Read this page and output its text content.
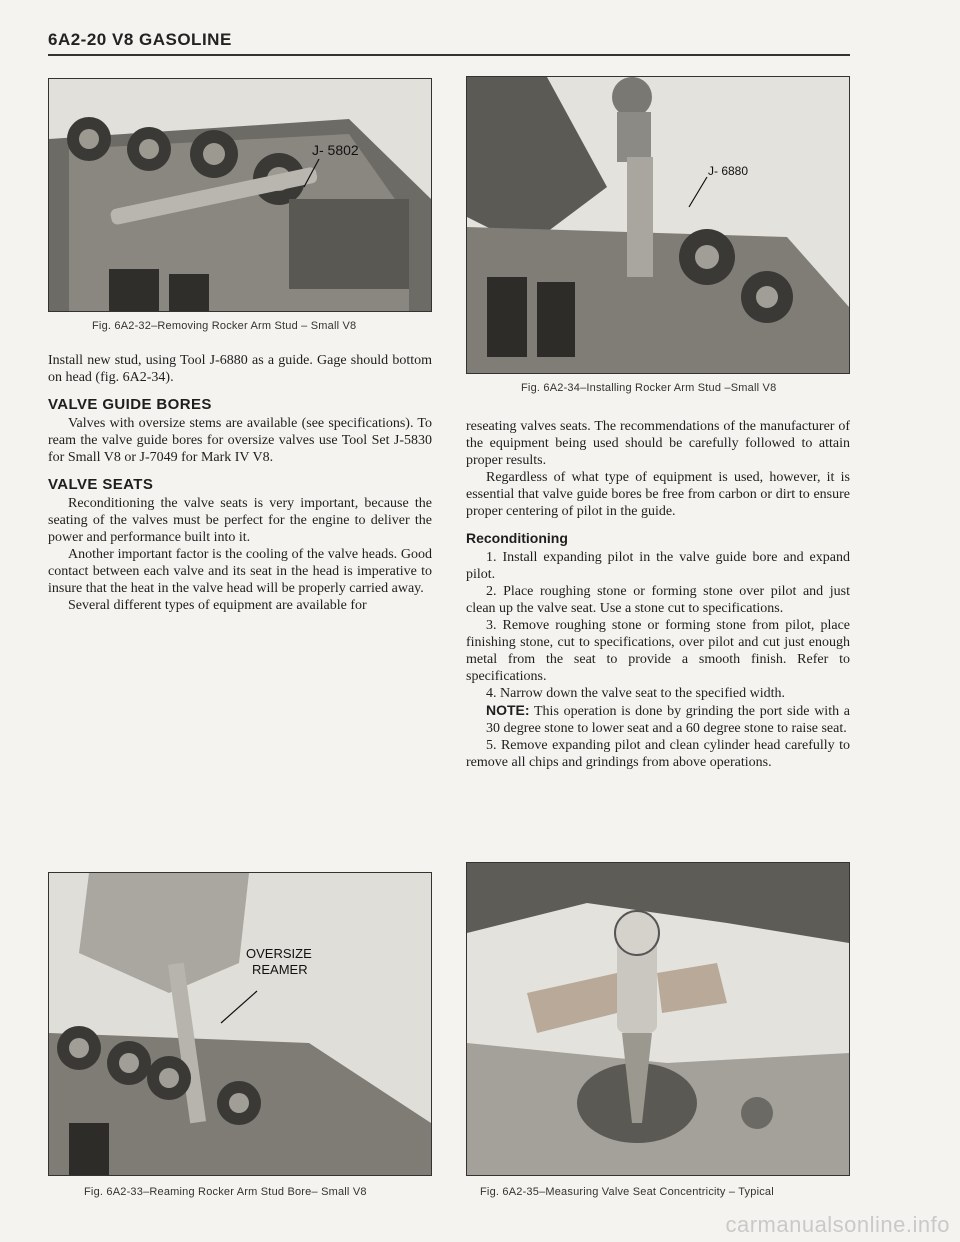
6A2-20 V8 GASOLINE
J- 5802
Fig. 6A2-32–Removing Rocker Arm Stud – Small V8
J- 6880
Fig. 6A2-34–Installing Rocker Arm Stud –Small V8

Install new stud, using Tool J-6880 as a guide. Gage should bottom on head (fig. 6A2-34).

VALVE GUIDE BORES

Valves with oversize stems are available (see specifications). To ream the valve guide bores for oversize valves use Tool Set J-5830 for Small V8 or J-7049 for Mark IV V8.

VALVE SEATS

Reconditioning the valve seats is very important, because the seating of the valves must be perfect for the engine to deliver the power and performance built into it.

Another important factor is the cooling of the valve heads. Good contact between each valve and its seat in the head is imperative to insure that the heat in the valve head will be properly carried away.

Several different types of equipment are available for

reseating valves seats. The recommendations of the manufacturer of the equipment being used should be carefully followed to attain proper results.

Regardless of what type of equipment is used, however, it is essential that valve guide bores be free from carbon or dirt to ensure proper centering of pilot in the guide.

Reconditioning

1. Install expanding pilot in the valve guide bore and expand pilot.

2. Place roughing stone or forming stone over pilot and just clean up the valve seat. Use a stone cut to specifications.

3. Remove roughing stone or forming stone from pilot, place finishing stone, cut to specifications, over pilot and cut just enough metal from the seat to provide a smooth finish. Refer to specifications.

4. Narrow down the valve seat to the specified width.

NOTE: This operation is done by grinding the port side with a 30 degree stone to lower seat and a 60 degree stone to raise seat.

5. Remove expanding pilot and clean cylinder head carefully to remove all chips and grindings from above operations.

OVERSIZE
REAMER
Fig. 6A2-33–Reaming Rocker Arm Stud Bore– Small V8	Fig. 6A2-35–Measuring Valve Seat Concentricity – Typical
carmanualsonline.info
